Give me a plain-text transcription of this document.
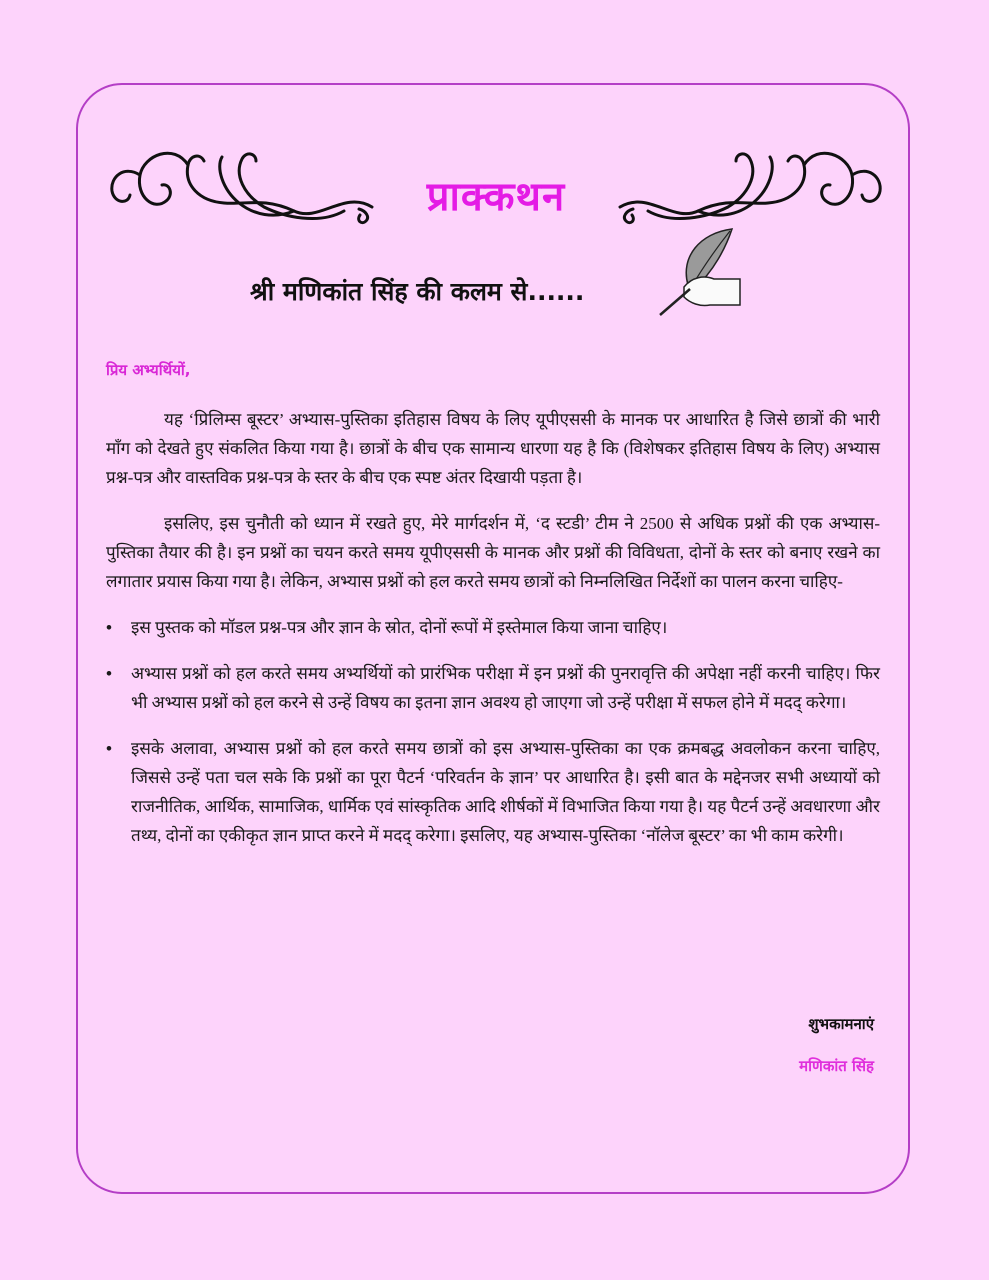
प्राक्कथन
श्री मणिकांत सिंह की कलम से......

प्रिय अभ्यर्थियों,

यह ‘प्रिलिम्स बूस्टर’ अभ्यास-पुस्तिका इतिहास विषय के लिए यूपीएससी के मानक पर आधारित है जिसे छात्रों की भारी माँग को देखते हुए संकलित किया गया है। छात्रों के बीच एक सामान्य धारणा यह है कि (विशेषकर इतिहास विषय के लिए) अभ्यास प्रश्न-पत्र और वास्तविक प्रश्न-पत्र के स्तर के बीच एक स्पष्ट अंतर दिखायी पड़ता है।

इसलिए, इस चुनौती को ध्यान में रखते हुए, मेरे मार्गदर्शन में, ‘द स्टडी’ टीम ने 2500 से अधिक प्रश्नों की एक अभ्यास-पुस्तिका तैयार की है। इन प्रश्नों का चयन करते समय यूपीएससी के मानक और प्रश्नों की विविधता, दोनों के स्तर को बनाए रखने का लगातार प्रयास किया गया है। लेकिन, अभ्यास प्रश्नों को हल करते समय छात्रों को निम्नलिखित निर्देशों का पालन करना चाहिए-

• इस पुस्तक को मॉडल प्रश्न-पत्र और ज्ञान के स्रोत, दोनों रूपों में इस्तेमाल किया जाना चाहिए।
• अभ्यास प्रश्नों को हल करते समय अभ्यर्थियों को प्रारंभिक परीक्षा में इन प्रश्नों की पुनरावृत्ति की अपेक्षा नहीं करनी चाहिए। फिर भी अभ्यास प्रश्नों को हल करने से उन्हें विषय का इतना ज्ञान अवश्य हो जाएगा जो उन्हें परीक्षा में सफल होने में मदद् करेगा।
• इसके अलावा, अभ्यास प्रश्नों को हल करते समय छात्रों को इस अभ्यास-पुस्तिका का एक क्रमबद्ध अवलोकन करना चाहिए, जिससे उन्हें पता चल सके कि प्रश्नों का पूरा पैटर्न ‘परिवर्तन के ज्ञान’ पर आधारित है। इसी बात के मद्देनजर सभी अध्यायों को राजनीतिक, आर्थिक, सामाजिक, धार्मिक एवं सांस्कृतिक आदि शीर्षकों में विभाजित किया गया है। यह पैटर्न उन्हें अवधारणा और तथ्य, दोनों का एकीकृत ज्ञान प्राप्त करने में मदद् करेगा। इसलिए, यह अभ्यास-पुस्तिका ‘नॉलेज बूस्टर’ का भी काम करेगी।
शुभकामनाएं
मणिकांत सिंह
